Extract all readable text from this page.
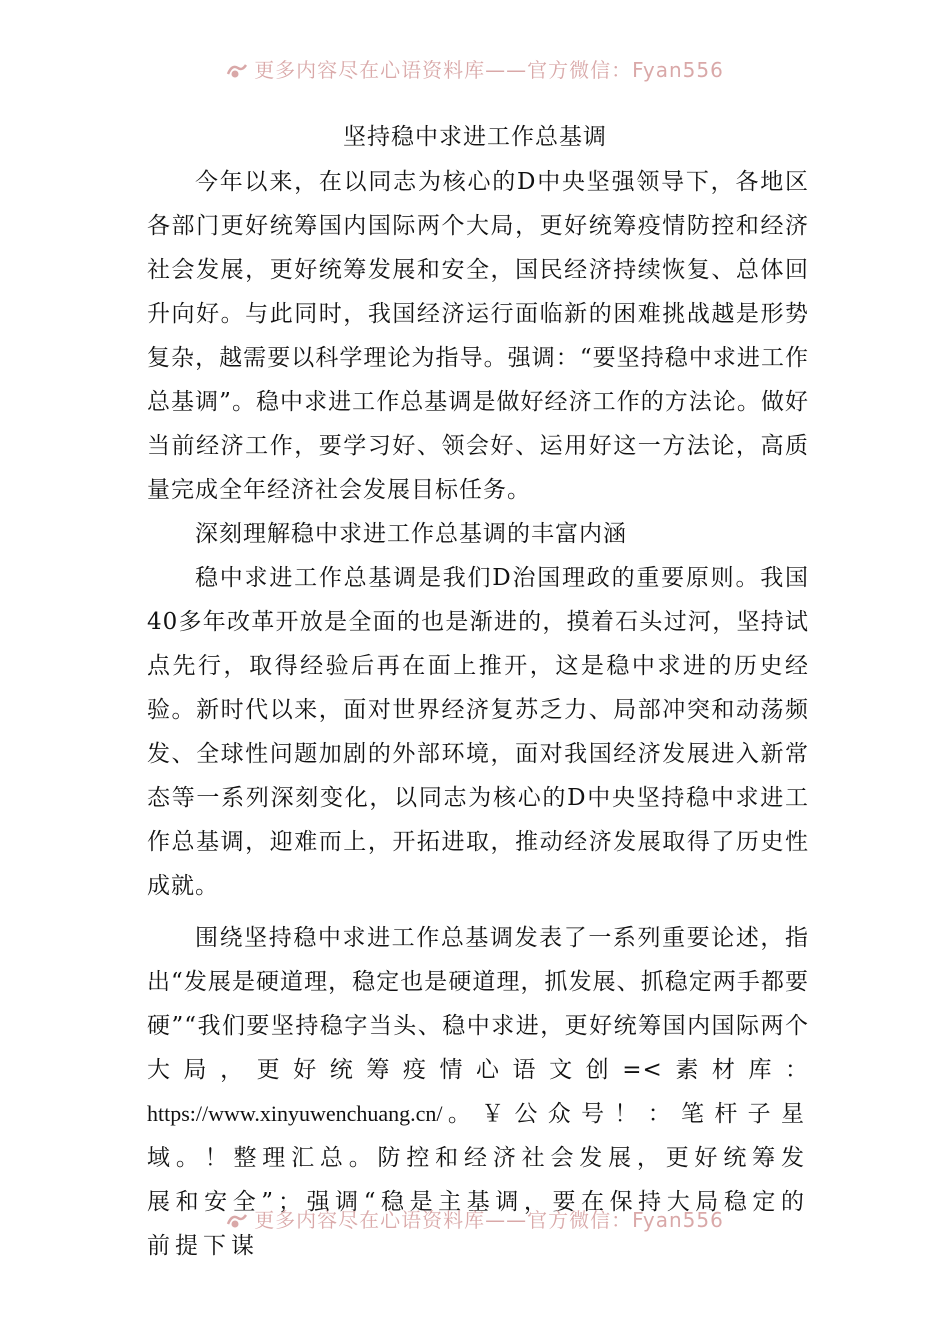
更多内容尽在心语资料库——官方微信：Fyan556
坚持稳中求进工作总基调

今年以来，在以同志为核心的D中央坚强领导下，各地区各部门更好统筹国内国际两个大局，更好统筹疫情防控和经济社会发展，更好统筹发展和安全，国民经济持续恢复、总体回升向好。与此同时，我国经济运行面临新的困难挑战越是形势复杂，越需要以科学理论为指导。强调：“要坚持稳中求进工作总基调”。稳中求进工作总基调是做好经济工作的方法论。做好当前经济工作，要学习好、领会好、运用好这一方法论，高质量完成全年经济社会发展目标任务。

深刻理解稳中求进工作总基调的丰富内涵

稳中求进工作总基调是我们D治国理政的重要原则。我国40多年改革开放是全面的也是渐进的，摸着石头过河，坚持试点先行，取得经验后再在面上推开，这是稳中求进的历史经验。新时代以来，面对世界经济复苏乏力、局部冲突和动荡频发、全球性问题加剧的外部环境，面对我国经济发展进入新常态等一系列深刻变化，以同志为核心的D中央坚持稳中求进工作总基调，迎难而上，开拓进取，推动经济发展取得了历史性成就。

围绕坚持稳中求进工作总基调发表了一系列重要论述，指出“发展是硬道理，稳定也是硬道理，抓发展、抓稳定两手都要硬”“我们要坚持稳字当头、稳中求进，更好统筹国内国际两个大局，更好统筹疫情心语文创=<素材库：https://www.xinyuwenchuang.cn/。￥公众号！：笔杆子星域。！整理汇总。防控和经济社会发展，更好统筹发展和安全”；强调“稳是主基调，要在保持大局稳定的前提下谋

更多内容尽在心语资料库——官方微信：Fyan556
